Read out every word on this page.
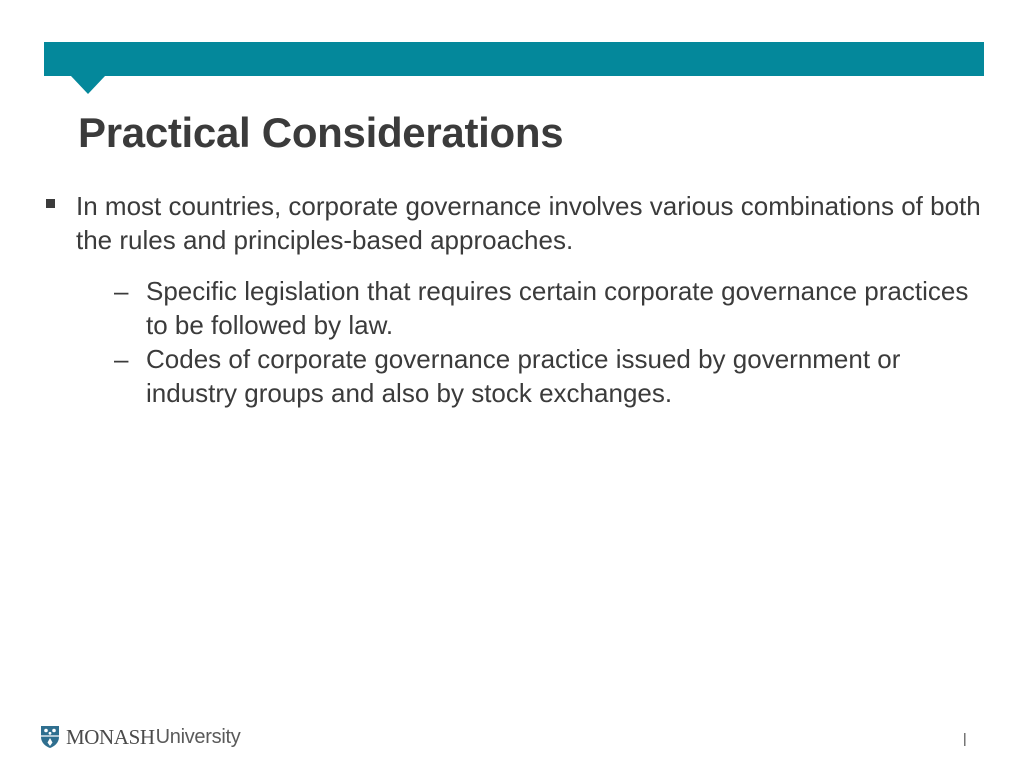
Practical Considerations
In most countries, corporate governance involves various combinations of both the rules and principles-based approaches.
– Specific legislation that requires certain corporate governance practices to be followed by law.
– Codes of corporate governance practice issued by government or industry groups and also by stock exchanges.
MONASH University	|
